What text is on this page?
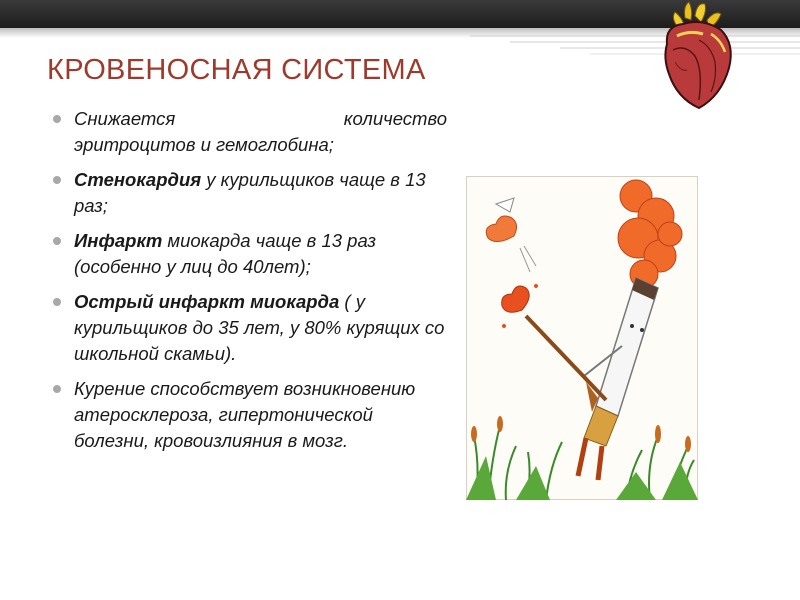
КРОВЕНОСНАЯ СИСТЕМА
Снижается	количество
эритроцитов и гемоглобина;
Стенокардия у курильщиков чаще в 13 раз;
Инфаркт миокарда чаще в 13 раз (особенно у лиц до 40лет);
Острый инфаркт миокарда ( у курильщиков до 35 лет, у 80% курящих со школьной скамьи).
Курение способствует возникновению атеросклероза, гипертонической болезни, кровоизлияния в мозг.
